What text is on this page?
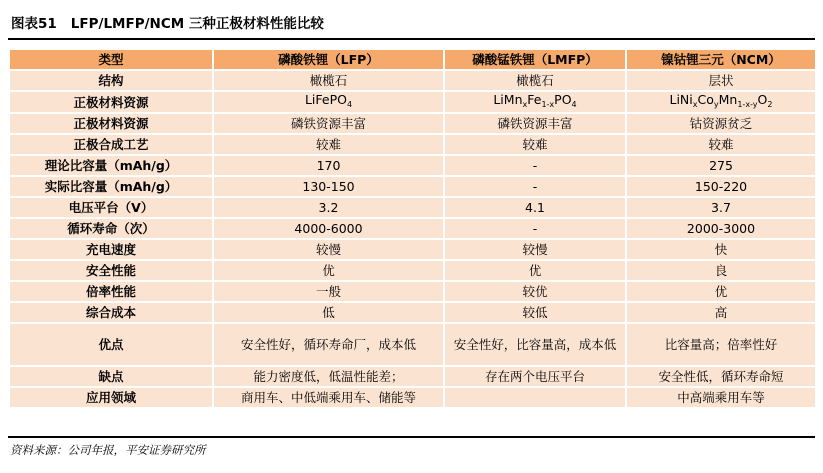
图表51 LFP/LMFP/NCM 三种正极材料性能比较
类型	磷酸铁锂（LFP）	磷酸锰铁锂（LMFP）	镍钴锂三元（NCM）
结构	橄榄石	橄榄石	层状
正极材料资源	LiFePO$_4$	$LiMn_xFe_{1-x}PO_4$	$LiNi_xCo_yMn_{1-x-y}O_2$
正极材料资源	磷铁资源丰富	磷铁资源丰富	钴资源贫乏
正极合成工艺	较难	较难	较难
理论比容量（mAh/g）	170	-	275
实际比容量（mAh/g）	130-150	-	150-220
电压平台（V）	3.2	4.1	3.7
循环寿命（次）	4000-6000	-	2000-3000
充电速度	较慢	较慢	快
安全性能	优	优	良
倍率性能	一般	较优	优
综合成本	低	较低	高
优点	安全性好，循环寿命厂，成本低	安全性好，比容量高，成本低	比容量高；倍率性好
缺点	能力密度低，低温性能差；	存在两个电压平台	安全性低，循环寿命短
应用领域	商用车、中低端乘用车、储能等		中高端乘用车等
资料来源：公司年报，平安证券研究所
